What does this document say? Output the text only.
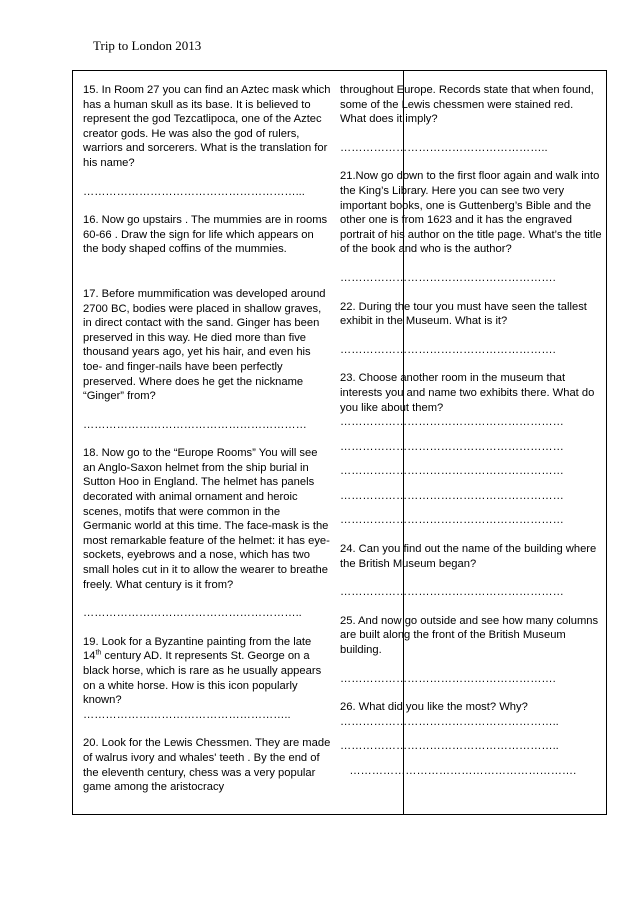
Trip to London 2013

15. In Room 27 you can find an Aztec mask which has a human skull as its base. It is believed to represent the god Tezcatlipoca, one of the Aztec creator gods. He was also the god of rulers, warriors and sorcerers. What is the translation for his name?

…………………………………………………...

16. Now go upstairs . The mummies are in rooms 60-66 . Draw the sign for life which appears on the body shaped coffins of the mummies.

17. Before mummification was developed around 2700 BC, bodies were placed in shallow graves, in direct contact with the sand. Ginger has been preserved in this way. He died more than five thousand years ago, yet his hair, and even his toe- and finger-nails have been perfectly preserved. Where does he get the nickname “Ginger” from?

……………………………………………………

18. Now go to the “Europe Rooms” You will see an Anglo-Saxon helmet from the ship burial in Sutton Hoo in England. The helmet has panels decorated with animal ornament and heroic scenes, motifs that were common in the Germanic world at this time. The face-mask is the most remarkable feature of the helmet: it has eye-sockets, eyebrows and a nose, which has two small holes cut in it to allow the wearer to breathe freely. What century is it from?

…………………………………………………..

19. Look for a Byzantine painting from the late 14th century AD. It represents St. George on a black horse, which is rare as he usually appears on a white horse. How is this icon popularly known?

………………………………………………..

20. Look for the Lewis Chessmen. They are made of walrus ivory and whales' teeth . By the end of the eleventh century, chess was a very popular game among the aristocracy

throughout Europe. Records state that when found, some of the Lewis chessmen were stained red. What does it imply?

………………………………………………..

21.Now go down to the first floor again and walk into the King’s Library. Here you can see two very important books, one is Guttenberg’s Bible and the other one is from 1623 and it has the engraved portrait of his author on the title page. What’s the title of the book and who is the author?

………………………………………………….

22. During the tour you must have seen the tallest exhibit in the Museum. What is it?

………………………………………………….

23. Choose another room in the museum that interests you and name two exhibits there. What do you like about them?

……………………………………………………

……………………………………………………

……………………………………………………

……………………………………………………

……………………………………………………

24. Can you find out the name of the building where the British Museum began?

……………………………………………………

25. And now go outside and see how many columns are built along the front of the British Museum building.

………………………………………………….

26. What did you like the most? Why?

…………………………………………………..

…………………………………………………..

…………………………………………………….
